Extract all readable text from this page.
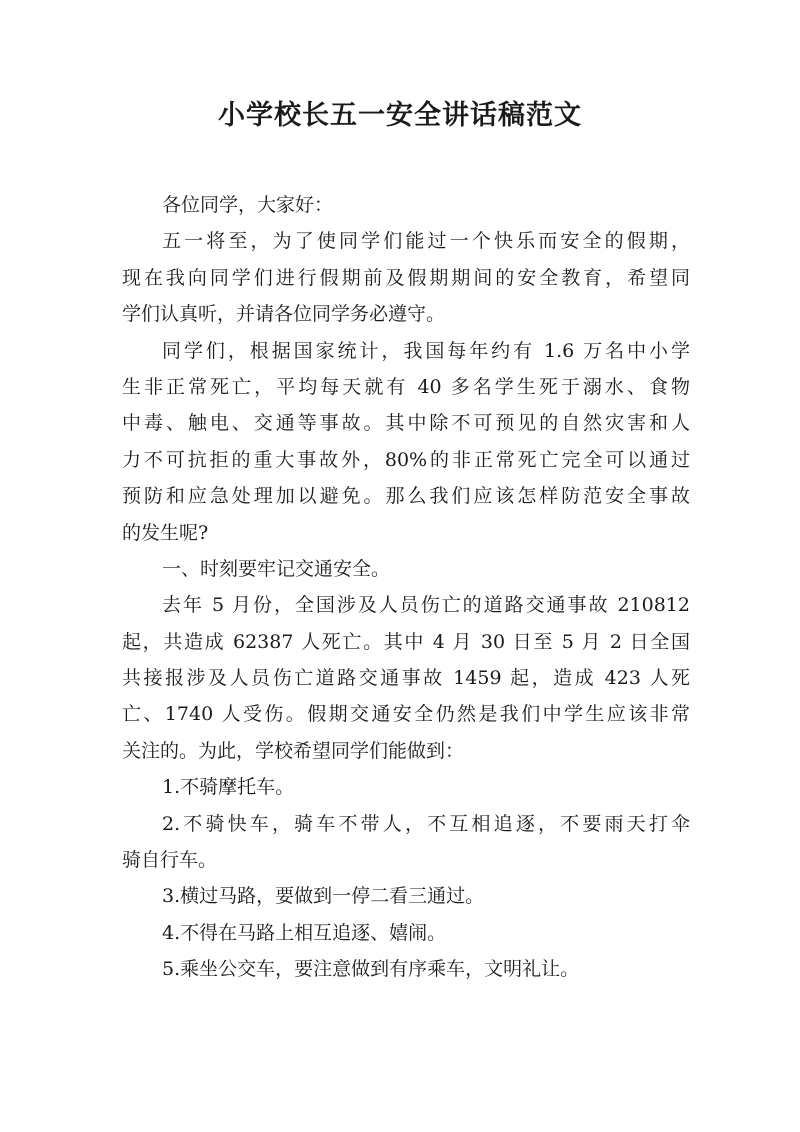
小学校长五一安全讲话稿范文
各位同学，大家好：
五一将至，为了使同学们能过一个快乐而安全的假期，
现在我向同学们进行假期前及假期期间的安全教育，希望同
学们认真听，并请各位同学务必遵守。
同学们，根据国家统计，我国每年约有 1.6 万名中小学
生非正常死亡，平均每天就有 40 多名学生死于溺水、食物
中毒、触电、交通等事故。其中除不可预见的自然灾害和人
力不可抗拒的重大事故外，80%的非正常死亡完全可以通过
预防和应急处理加以避免。那么我们应该怎样防范安全事故
的发生呢?
一、时刻要牢记交通安全。
去年 5 月份，全国涉及人员伤亡的道路交通事故 210812
起，共造成 62387 人死亡。其中 4 月 30 日至 5 月 2 日全国
共接报涉及人员伤亡道路交通事故 1459 起，造成 423 人死
亡、1740 人受伤。假期交通安全仍然是我们中学生应该非常
关注的。为此，学校希望同学们能做到：
1.不骑摩托车。
2.不骑快车，骑车不带人，不互相追逐，不要雨天打伞
骑自行车。
3.横过马路，要做到一停二看三通过。
4.不得在马路上相互追逐、嬉闹。
5.乘坐公交车，要注意做到有序乘车，文明礼让。
